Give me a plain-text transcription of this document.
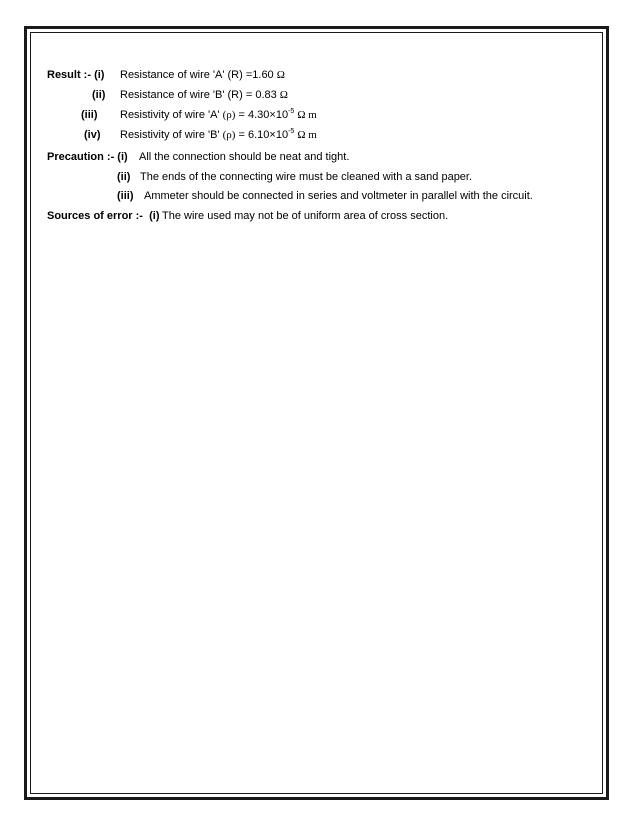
Result :- (i) Resistance of wire 'A' (R) =1.60 Ω
(ii) Resistance of wire 'B' (R) = 0.83 Ω
(iii) Resistivity of wire 'A' $(\rho) = 4.30\times 10^{-5}$ Ω m
(iv) Resistivity of wire 'B' $(\rho) = 6.10\times 10^{-5}$ Ω m
Precaution :- (i) All the connection should be neat and tight.
(ii) The ends of the connecting wire must be cleaned with a sand paper.
(iii) Ammeter should be connected in series and voltmeter in parallel with the circuit.
Sources of error :- (i) The wire used may not be of uniform area of cross section.
